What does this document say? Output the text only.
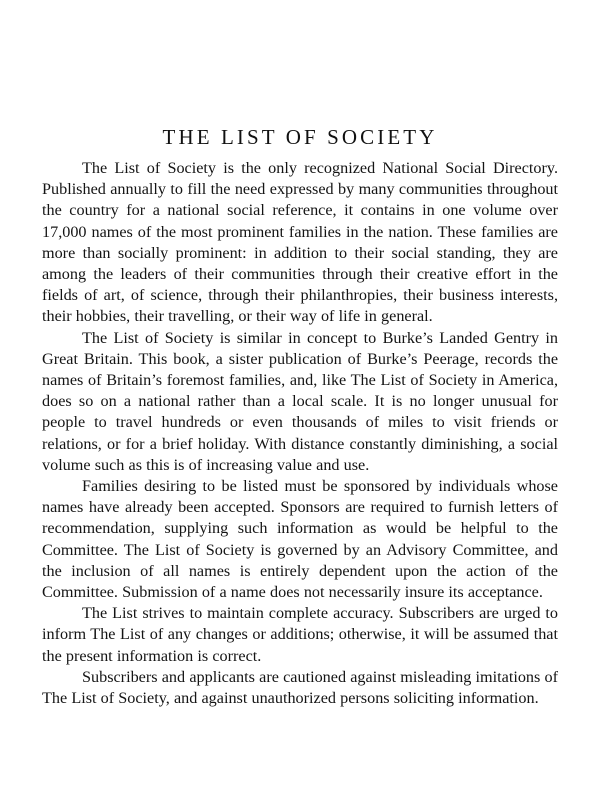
THE LIST OF SOCIETY

The List of Society is the only recognized National Social Directory. Published annually to fill the need expressed by many communities throughout the country for a national social reference, it contains in one volume over 17,000 names of the most prominent families in the nation. These families are more than socially prominent: in addition to their social standing, they are among the leaders of their communities through their creative effort in the fields of art, of science, through their philanthropies, their business interests, their hobbies, their travelling, or their way of life in general.

The List of Society is similar in concept to Burke’s Landed Gentry in Great Britain. This book, a sister publication of Burke’s Peerage, records the names of Britain’s foremost families, and, like The List of Society in America, does so on a national rather than a local scale. It is no longer unusual for people to travel hundreds or even thousands of miles to visit friends or relations, or for a brief holiday. With distance constantly diminishing, a social volume such as this is of increasing value and use.

Families desiring to be listed must be sponsored by individuals whose names have already been accepted. Sponsors are required to furnish letters of recommendation, supplying such information as would be helpful to the Committee. The List of Society is governed by an Advisory Committee, and the inclusion of all names is entirely dependent upon the action of the Committee. Submission of a name does not necessarily insure its acceptance.

The List strives to maintain complete accuracy. Subscribers are urged to inform The List of any changes or additions; otherwise, it will be assumed that the present information is correct.

Subscribers and applicants are cautioned against misleading imitations of The List of Society, and against unauthorized persons soliciting information.
